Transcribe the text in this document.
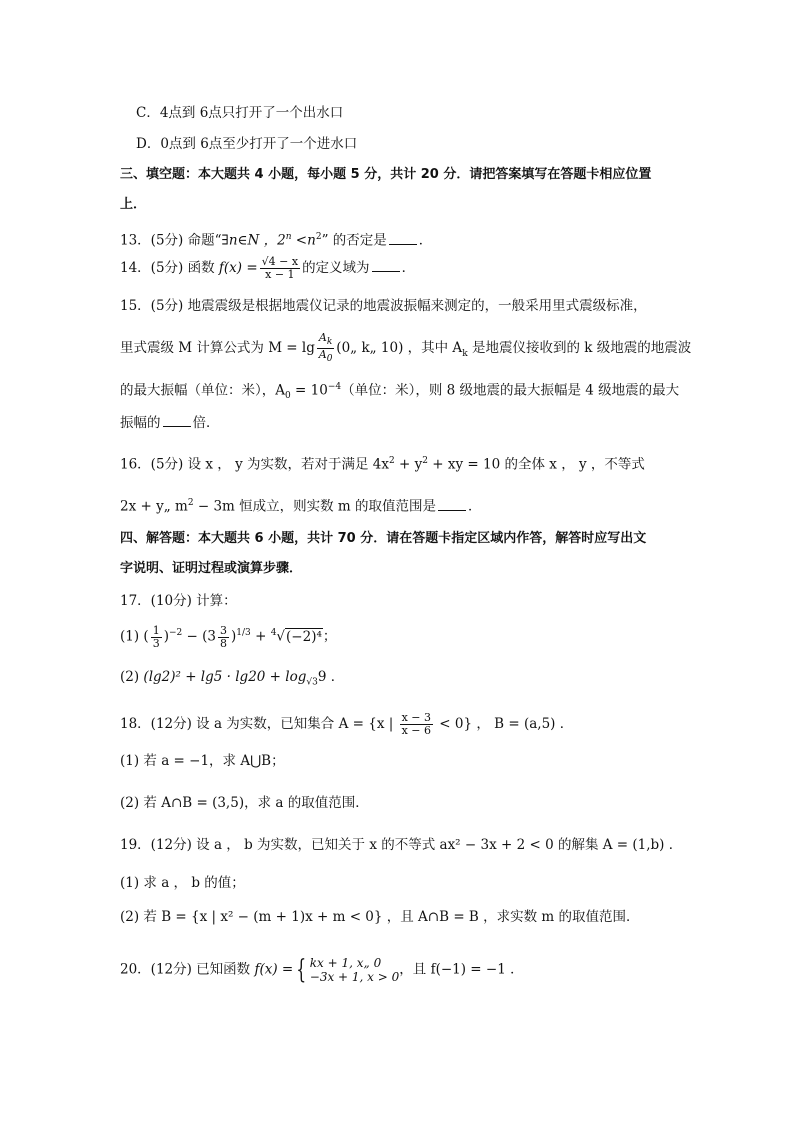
C．4点到 6点只打开了一个出水口
D．0点到 6点至少打开了一个进水口
三、填空题：本大题共 4 小题，每小题 5 分，共计 20 分．请把答案填写在答题卡相应位置
上．
13．(5分) 命题“∃n∈N ，$2^n <n^2$” 的否定是 ．
14．(5分) 函数 $f(x) = \frac{√4 - x}{x - 1}$ 的定义域为 ．
15．(5分) 地震震级是根据地震仪记录的地震波振幅来测定的，一般采用里式震级标准，
里式震级 M 计算公式为 $M = \lg \frac{A_k}{A_0}$ (0„ k„ 10) ，其中 $A_k$ 是地震仪接收到的 k 级地震的地震波
的最大振幅（单位：米），$A_0 = 10^{-4}$（单位：米），则 8 级地震的最大振幅是 4 级地震的最大
振幅的 倍．
16．(5分) 设 x ， y 为实数，若对于满足 $4x^2 + y^2$ + xy = 10 的全体 x ， y ，不等式
2x + y„ $m^2 - 3m$ 恒成立，则实数 m 的取值范围是 ．
四、解答题：本大题共 6 小题，共计 70 分．请在答题卡指定区域内作答，解答时应写出文
字说明、证明过程或演算步骤．
17．(10分) 计算：
(1) ( $\frac{1}{3} )^{-2} - (3 \frac{3}{8} )^{1/3} + ^4√(-2)^4$；
(2) $(\lg 2)^2 + \lg 5 \cdot \lg 20 + \log_{√3}9$ ．
18．(12分) 设 a 为实数，已知集合 A = {x | $\frac{x - 3}{x - 6} < 0$} ， B = (a,5) ．
(1) 若 a = −1，求 A⋃B；
(2) 若 A∩B = (3,5)，求 a 的取值范围．
19．(12分) 设 a ， b 为实数，已知关于 x 的不等式 ax² − 3x + 2 < 0 的解集 A = (1,b) ．
(1) 求 a ， b 的值；
(2) 若 B = {x | x² − (m + 1)x + m < 0} ，且 A∩B = B ，求实数 m 的取值范围．
20．(12分) 已知函数 f(x) = { kx + 1, x„ 0
−3x + 1, x > 0 ，且 f(−1) = −1 ．
